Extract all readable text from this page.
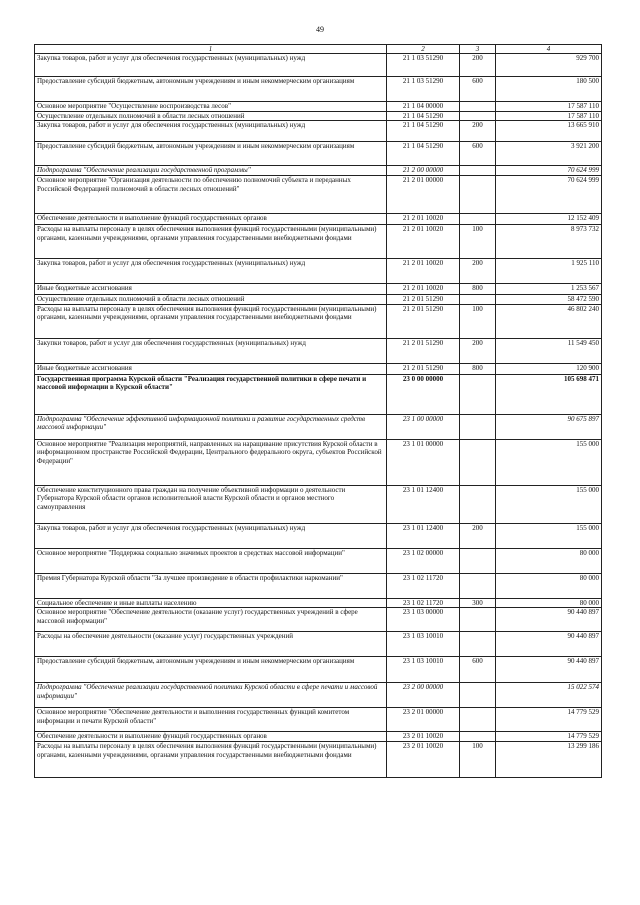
49
1	2	3	4
Закупка товаров, работ и услуг для обеспечения государственных (муниципальных) нужд	21 1 03 51290	200	929 700
Предоставление субсидий бюджетным, автономным учреждениям и иным некоммерческим организациям	21 1 03 51290	600	180 500
Основное мероприятие "Осуществление воспроизводства лесов"	21 1 04 00000		17 587 110
Осуществление отдельных полномочий в области лесных отношений	21 1 04 51290		17 587 110
Закупка товаров, работ и услуг для обеспечения государственных (муниципальных) нужд	21 1 04 51290	200	13 665 910
Предоставление субсидий бюджетным, автономным учреждениям и иным некоммерческим организациям	21 1 04 51290	600	3 921 200
Подпрограмма "Обеспечение реализации государственной программы"	21 2 00 00000		70 624 999
Основное мероприятие "Организация деятельности по обеспечению полномочий субъекта и переданных Российской Федерацией полномочий в области лесных отношений"	21 2 01 00000		70 624 999
Обеспечение деятельности и выполнение функций государственных органов	21 2 01 10020		12 152 409
Расходы на выплаты персоналу в целях обеспечения выполнения функций государственными (муниципальными) органами, казенными учреждениями, органами управления государственными внебюджетными фондами	21 2 01 10020	100	8 973 732
Закупка товаров, работ и услуг для обеспечения государственных (муниципальных) нужд	21 2 01 10020	200	1 925 110
Иные бюджетные ассигнования	21 2 01 10020	800	1 253 567
Осуществление отдельных полномочий в области лесных отношений	21 2 01 51290		58 472 590
Расходы на выплаты персоналу в целях обеспечения выполнения функций государственными (муниципальными) органами, казенными учреждениями, органами управления государственными внебюджетными фондами	21 2 01 51290	100	46 802 240
Закупки товаров, работ и услуг для обеспечения государственных (муниципальных) нужд	21 2 01 51290	200	11 549 450
Иные бюджетные ассигнования	21 2 01 51290	800	120 900
Государственная программа Курской области "Реализация государственной политики в сфере печати и массовой информации в Курской области"	23 0 00 00000		105 698 471
Подпрограмма "Обеспечение эффективной информационной политики и развитие государственных средств массовой информации"	23 1 00 00000		90 675 897
Основное мероприятие "Реализация мероприятий, направленных на наращивание присутствия Курской области в информационном пространстве Российской Федерации, Центрального федерального округа, субъектов Российской Федерации"	23 1 01 00000		155 000
Обеспечение конституционного права граждан на получение объективной информации о деятельности Губернатора Курской области органов исполнительной власти Курской области и органов местного самоуправления	23 1 01 12400		155 000
Закупка товаров, работ и услуг для обеспечения государственных (муниципальных) нужд	23 1 01 12400	200	155 000
Основное мероприятие "Поддержка социально значимых проектов в средствах массовой информации"	23 1 02 00000		80 000
Премия Губернатора Курской области "За лучшее произведение в области профилактики наркомании"	23 1 02 11720		80 000
Социальное обеспечение и иные выплаты населению	23 1 02 11720	300	80 000
Основное мероприятие "Обеспечение деятельности (оказание услуг) государственных учреждений в сфере массовой информации"	23 1 03 00000		90 440 897
Расходы на обеспечение деятельности (оказание услуг) государственных учреждений	23 1 03 10010		90 440 897
Предоставление субсидий бюджетным, автономным учреждениям и иным некоммерческим организациям	23 1 03 10010	600	90 440 897
Подпрограмма "Обеспечение реализации государственной политики Курской области в сфере печати и массовой информации"	23 2 00 00000		15 022 574
Основное мероприятие "Обеспечение деятельности и выполнения государственных функций комитетом информации и печати Курской области"	23 2 01 00000		14 779 529
Обеспечение деятельности и выполнение функций государственных органов	23 2 01 10020		14 779 529
Расходы на выплаты персоналу в целях обеспечения выполнения функций государственными (муниципальными) органами, казенными учреждениями, органами управления государственными внебюджетными фондами	23 2 01 10020	100	13 299 186
